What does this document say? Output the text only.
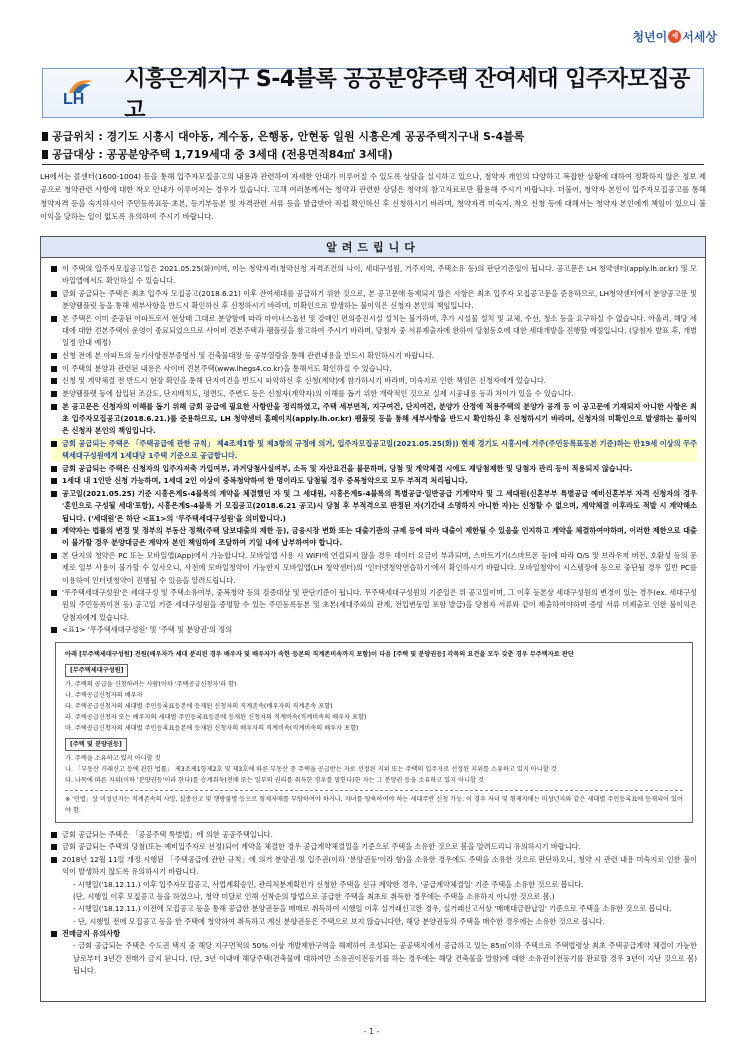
청년이 세 서세상
LH
시흥은계지구 S-4블록 공공분양주택 잔여세대 입주자모집공고
공급위치 : 경기도 시흥시 대야동, 계수동, 은행동, 안현동 일원 시흥은계 공공주택지구내 S-4블록
공급대상 : 공공분양주택 1,719세대 중 3세대 (전용면적84㎡ 3세대)
LH에서는 콜센터(1600-1004) 등을 통해 입주자모집공고의 내용과 관련하여 자세한 안내가 이루어질 수 있도록 상담을 실시하고 있으나, 청약자 개인의 다양하고 복잡한 상황에 대하여 정확하지 않은 정보 제공으로 청약관련 사항에 대한 착오 안내가 이루어지는 경우가 있습니다. 고객 여러분께서는 청약과 관련한 상담은 청약의 참고자료로만 활용해 주시기 바랍니다. 더불어, 청약자 본인이 입주자모집공고를 통해 청약자격 등을 숙지하시어 주민등록표등·초본, 등기부등본 및 자격관련 서류 등을 발급받아 직접 확인하신 후 신청하시기 바라며, 청약자격 미숙지, 착오 신청 등에 대해서는 청약자 본인에게 책임이 있으니 불이익을 당하는 일이 없도록 유의하여 주시기 바랍니다.
알려드립니다
이 주택의 입주자모집공고일은 2021.05.25(화)이며, 이는 청약자격(청약신청 자격조건의 나이, 세대구성원, 거주지역, 주택소유 등)의 판단기준일이 됩니다. 공고문은 LH 청약센터(apply.lh.or.kr) 및 모바일앱에서도 확인하실 수 있습니다.
금회 공급되는 주택은 최초 입주자 모집공고(2018.6.21) 이후 잔여세대를 공급하기 위한 것으로, 본 공고문에 등재되지 않은 사항은 최초 입주자 모집공고문을 준용하므로, LH청약센터에서 분양공고문 및 분양팸플릿 등을 통해 세부사항을 반드시 확인하신 후 신청하시기 바라며, 미확인으로 발생하는 불이익은 신청자 본인의 책임입니다.
본 주택은 이미 준공된 아파트로서 현상태 그대로 분양함에 따라 마이너스옵션 및 강매인 편의증진시설 설치는 불가하며, 추가 시설물 설치 및 교체, 수선, 청소 등을 요구하실 수 없습니다. 아울러, 해당 세대에 대한 견본주택이 운영이 종료되었으므로 사이버 견본주택과 팸플릿을 참고하여 주시기 바라며, 당첨자 중 서류제출자에 한하여 당첨동호에 대한 세대개방을 진행할 예정입니다. (당첨자 발표 후, 개별 일정 안내 예정)
신청 전에 본 아파트의 등기사항전부증명서 및 건축물대장 등 공부열람을 통해 관련내용을 반드시 확인하시기 바랍니다.
이 주택의 분양과 관련된 내용은 사이버 견본주택(www.lhegs4.co.kr)을 통해서도 확인하실 수 있습니다.
신청 및 계약체결 전 반드시 현장 확인을 통해 단지여건을 반드시 파악하신 후 신청(계약)에 참가하시기 바라며, 미숙지로 인한 책임은 신청자에게 있습니다.
분양팸플렛 등에 삽입된 조감도, 단지배치도, 평면도, 주변도 등은 신청자(계약자)의 이해를 돕기 위한 개략적인 것으로 실제 시공내용 등과 차이가 있을 수 있습니다.
본 공고문은 신청자의 이해를 돕기 위해 금회 공급에 필요한 사항만을 정리하였고, 주택 세부면적, 지구여건, 단지여건, 분양가 산정에 적용주택의 분양가 공개 등 이 공고문에 기재되지 아니한 사항은 최초 입주자모집공고(2018.6.21.)를 준용하므로, LH 청약센터 홈페이지(apply.lh.or.kr) 팸플릿 등을 통해 세부사항을 반드시 확인하신 후 신청하시기 바라며, 신청자의 미확인으로 발생하는 불이익은 신청자 본인의 책임입니다.
금회 공급되는 주택은 「주택공급에 관한 규칙」 제4조제1항 및 제3항의 규정에 의거, 입주자모집공고일(2021.05.25(화)) 현재 경기도 시흥시에 거주(주민등록표등본 기준)하는 만19세 이상의 무주택세대구성원에게 1세대당 1주택 기준으로 공급합니다.
금회 공급되는 주택은 신청자의 입주자저축 가입여부, 과거당첨사실여부, 소득 및 자산요건을 불문하며, 당첨 및 계약체결 시에도 재당첨제한 및 당첨자 관리 등이 적용되지 않습니다.
1세대 내 1인만 신청 가능하며, 1세대 2인 이상이 중복청약하여 한 명이라도 당첨될 경우 중복청약으로 모두 부적격 처리됩니다.
공고일(2021.05.25) 기준 시흥은계S-4블록의 계약을 체결했던 자 및 그 세대원, 시흥은계S-4블록의 특별공급·일반공급 기계약자 및 그 세대원(신혼부부 특별공급 예비신혼부부 자격 신청자의 경우 '혼인으로 구성될 세대'포함), 시흥은계S-4블록 기 모집공고(2018.6.21 공고)시 당첨 후 부적격으로 판정된 자(기간내 소명하지 아니한 자)는 신청할 수 없으며, 계약체결 이후라도 적발 시 계약해소 됩니다. ('세대원'은 하단 <표1>의 '무주택세대구성원'을 의미합니다.)
계약자는 법률의 변경 및 정부의 부동산 정책(주택 담보대출의 제한 등), 금융시장 변화 또는 대출기관의 규제 등에 따라 대출이 제한될 수 있음을 인지하고 계약을 체결하여야하며, 이러한 제한으로 대출이 불가할 경우 분양대금은 계약자 본인 책임하에 조달하여 기일 내에 납부하여야 합니다.
본 단지의 청약은 PC 또는 모바일앱(App)에서 가능합니다. 모바일앱 사용 시 WIFI에 연결되지 않을 경우 데이터 요금이 부과되며, 스마트기기(스마트폰 등)에 따라 O/S 및 브라우저 버전, 호환성 등의 문제로 일부 사용이 불가할 수 있사오니, 사전에 모바일청약이 가능한지 모바일앱(LH 청약센터)의 '인터넷청약연습하기'에서 확인하시기 바랍니다. 모바일청약이 시스템장애 등으로 중단될 경우 일반 PC를 이용하여 인터넷청약이 진행될 수 있음을 알려드립니다.
'무주택세대구성원'은 세대구성 및 주택소유여부, 중복청약 등의 검증대상 및 판단기준이 됩니다. 무주택세대구성원의 기준일은 위 공고일이며, 그 이후 등본상 세대구성원의 변경이 있는 경우(ex. 세대구성원의 주민등록이전 등) 공고일 기준 세대구성원을 증명할 수 있는 주민등록등본 및 초본(세대주와의 관계, 전입변동일 포함 발급)을 당첨자 서류와 같이 제출하여야하며 증빙 서류 미제출로 인한 불이익은 당첨자에게 있습니다.
<표1> '무주택세대구성원' 및 '주택 및 분양권'의 정의
아래 [무주택세대구성원] 전원(배우자가 세대 분리된 경우 배우자 및 배우자가 속한 등본의 직계존비속까지 포함)이 다음 [주택 및 분양권등] 각목의 요건을 모두 갖춘 경우 무주택자로 판단
[무주택세대구성원]
가. 주택의 공급을 신청하려는 사람(이하 '주택공급신청자'라 함)
나. 주택공급신청자의 배우자
다. 주택공급신청자의 세대별 주민등록표등본에 등재된 신청자의 직계존속(배우자의 직계존속 포함)
라. 주택공급신청자 또는 배우자의 세대별 주민등록표등본에 등재된 신청자의 직계비속(직계비속의 배우자 포함)
마. 주택공급신청자의 세대별 주민등록표등본에 등재된 신청자의 배우자의 직계비속(직계비속의 배우자 포함)
[주택 및 분양권등]
가. 주택을 소유하고 있지 아니할 것
나. 「부동산 거래신고 등에 관한 법률」 제3조제1항제2호 및 제3호에 따른 부동산 중 주택을 공급받는 자로 선정된 지위 또는 주택의 입주자로 선정된 지위를 소유하고 있지 아니할 것
다. 나목에 따른 지위(이하 '분양권등'이라 한다)를 승계취득(전매 또는 일부의 권리를 취득한 경우를 말한다)한 자는 그 분양권 등을 소유하고 있지 아니할 것
※ '민법」상 미성년자는 직계존속의 사망, 실종선고 및 행방불명 등으로 형제자매를 부양하여야 하거나, 자녀를 양육하여야 하는 세대주만 신청 가능. 이 경우 자녀 및 형제자매는 미성년자와 같은 세대별 주민등록표에 등재되어 있어야 함.
금회 공급되는 주택은 「공공주택 특별법」에 의한 공공주택입니다.
금회 공급되는 주택의 당첨(또는 예비입주자로 선정)되어 계약을 체결한 경우 공급계약체결일을 기준으로 주택을 소유한 것으로 봄을 알려드리니 유의하시기 바랍니다.
2018년 12월 11일 개정 시행된 「주택공급에 관한 규칙」에 의거 분양권 및 입주권(이하 '분양권등'이라 함)을 소유한 경우에도 주택을 소유한 것으로 판단하오니, 청약 시 관련 내용 미숙지로 인한 불이익이 발생하지 않도록 유의하시기 바랍니다.
- 시행일('18.12.11.) 이후 입주자모집공고, 사업계획승인, 관리처분계획인가 신청한 주택을 신규 계약한 경우, '공급계약체결일' 기준 주택을 소유한 것으로 봅니다.
(단, 시행일 이후 모집공고 등을 하였으나, 청약 미달로 인해 선착순의 방법으로 공급한 주택을 최초로 취득한 경우에는 주택을 소유하지 아니한 것으로 봄.)
- 시행일('18.12.11.) 이전에 모집공고 등을 통해 공급한 분양권등을 매매로 취득하여 시행일 이후 실거래신고한 경우, 실거래신고서상 '매매대금완납일' 기준으로 주택을 소유한 것으로 봅니다.
- 단, 시행일 전에 모집공고 등을 한 주택에 청약하여 취득하고 계신 분양권등은 주택으로 보지 않습니다만, 해당 분양권등의 주택을 매수한 경우에는 소유한 것으로 봅니다.
전매금지 유의사항
- 금회 공급되는 주택은 수도권 택지 중 해당 지구면적의 50% 이상 개발제한구역을 해제하여 조성되는 공공택지에서 공급하고 있는 85㎡이하 주택으로 주택법령상 최초 주택공급계약 체결이 가능한 날로부터 3년간 전매가 금지 된니다. (단, 3년 이내에 해당주택(건축물에 대하여만 소유권이전등기를 하는 경우에는 해당 건축물을 말함)에 대한 소유권이전등기를 완료할 경우 3년이 지난 것으로 봄) 됩니다.
- 1 -
